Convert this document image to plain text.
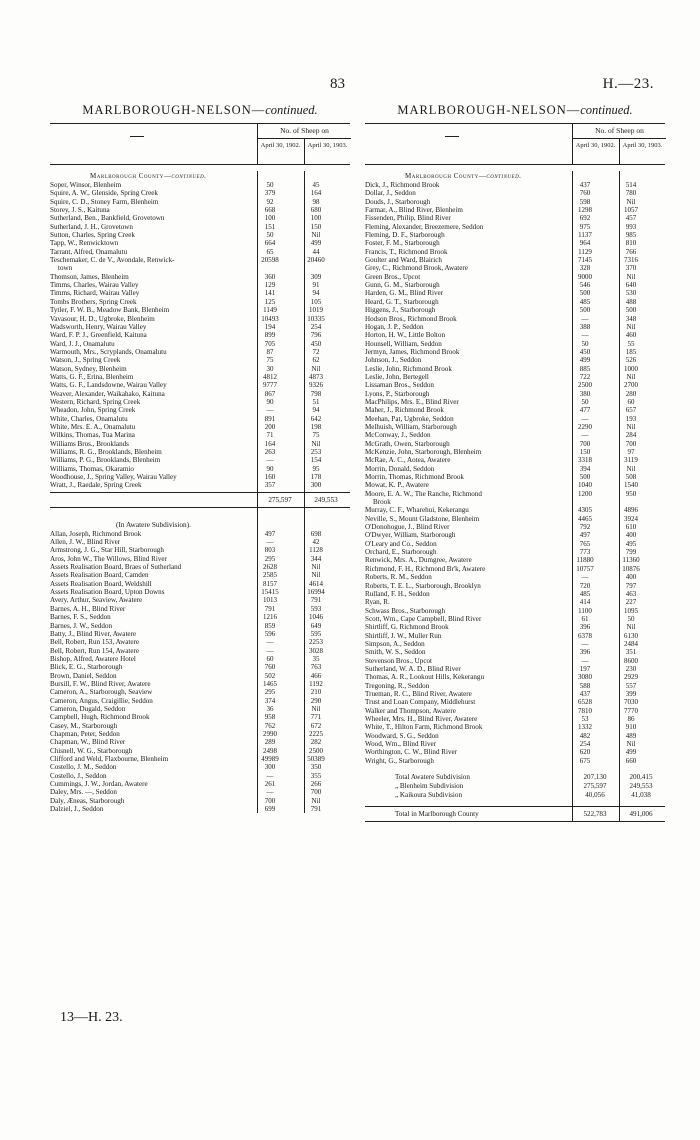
83	H.—23.
MARLBOROUGH-NELSON—continued.
No. of Sheep on
April 30, 1902.	April 30, 1903.
Marlborough County—continued.
Soper, Winsor, Blenheim	50	45
Squire, A. W., Glenside, Spring Creek	379	164
Squire, C. D., Stoney Farm, Blenheim	92	98
Storey, J. S., Kaituna	668	680
Sutherland, Ben., Bankfield, Grovetown	100	100
Sutherland, J. H., Grovetown	151	150
Sutton, Charles, Spring Creek	50	Nil
Tapp, W., Renwicktown	664	499
Tarrant, Alfred, Onamalutu	65	44
Teschemaker, C. de V., Avondale, Renwick-	20598	20460
town
Thomson, James, Blenheim	360	309
Timms, Charles, Wairau Valley	129	91
Timms, Richard, Wairau Valley	141	94
Tombs Brothers, Spring Creek	125	105
Tytler, F. W. B., Meadow Bank, Blenheim	1149	1019
Vavasour, H. D., Ugbroke, Blenheim	10493	10335
Wadsworth, Henry, Wairau Valley	194	254
Ward, F. P. J., Greenfield, Kaituna	899	796
Ward, J. J., Onamalutu	705	450
Warmouth, Mrs., Scryplands, Onamalutu	87	72
Watson, J., Spring Creek	75	62
Watson, Sydney, Blenheim	30	Nil
Watts, G. F., Erina, Blenheim	4812	4873
Watts, G. F., Landsdowne, Wairau Valley	9777	9326
Weaver, Alexander, Waikahako, Kaituna	867	798
Western, Richard, Spring Creek	90	51
Wheadon, John, Spring Creek	—	94
White, Charles, Onamalutu	891	642
White, Mrs. E. A., Onamalutu	200	198
Wilkins, Thomas, Tua Marina	71	75
Williams Bros., Brooklands	164	Nil
Williams, R. G., Brooklands, Blenheim	263	253
Williams, P. G., Brooklands, Blenheim	—	154
Williams, Thomas, Okaramio	90	95
Woodhouse, J., Spring Valley, Wairau Valley	160	178
Wratt, J., Raedale, Spring Creek	357	300
275,597	249,553
(In Awatere Subdivision).
Allan, Joseph, Richmond Brook	497	698
Allen, J. W., Blind River	—	42
Armstrong, J. G., Star Hill, Starborough	803	1128
Aros, John W., The Willows, Blind River	295	344
Assets Realisation Board, Braes of Sutherland	2628	Nil
Assets Realisation Board, Camden	2585	Nil
Assets Realisation Board, Weldshill	8157	4614
Assets Realisation Board, Upton Downs	15415	16994
Avery, Arthur, Seaview, Awatere	1013	791
Barnes, A. H., Blind River	791	593
Barnes, F. S., Seddon	1216	1046
Barnes, J. W., Seddon	859	649
Batty, J., Blind River, Awatere	596	595
Bell, Robert, Run 153, Awatere	—	2253
Bell, Robert, Run 154, Awatere	—	3028
Bishop, Alfred, Awatere Hotel	60	35
Blick, E. G., Starborough	760	763
Brown, Daniel, Seddon	502	466
Bursill, F. W., Blind River, Awatere	1465	1192
Cameron, A., Starborough, Seaview	295	210
Cameron, Angus, Craigillie, Seddon	374	290
Cameron, Dugald, Seddon	36	Nil
Campbell, Hugh, Richmond Brook	958	771
Casey, M., Starborough	762	672
Chapman, Peter, Seddon	2990	2225
Chapman, W., Blind River	289	282
Chisnell, W. G., Starborough	2498	2500
Clifford and Weld, Flaxbourne, Blenheim	49989	50389
Costello, J. M., Seddon	300	350
Costello, J., Seddon	—	355
Cummings, J. W., Jordan, Awatere	261	266
Daley, Mrs. —, Seddon	—	700
Daly, Æneas, Starborough	700	Nil
Dalziel, J., Seddon	699	791
MARLBOROUGH-NELSON—continued.
No. of Sheep on
April 30, 1902.	April 30, 1903.
Marlborough County—continued.
Dick, J., Richmond Brook	437	514
Dollar, J., Seddon	760	780
Douds, J., Starborough	598	Nil
Farmar, A., Blind River, Blenheim	1298	1057
Fissenden, Philip, Blind River	692	457
Fleming, Alexander, Breezemere, Seddon	975	993
Fleming, D. F., Starborough	1137	985
Foster, F. M., Starborough	964	810
Francis, T., Richmond Brook	1129	766
Goulter and Ward, Blairich	7145	7316
Grey, C., Richmond Brook, Awatere	328	370
Green Bros., Upcot	9000	Nil
Gunn, G. M., Starborough	546	640
Harden, G. M., Blind River	500	530
Heard, G. T., Starborough	485	488
Higgens, J., Starborough	500	500
Hodson Bros., Richmond Brook	—	348
Hogan, J. P., Seddon	388	Nil
Horton, H. W., Little Bolton	—	460
Hounsell, William, Seddon	50	55
Jermyn, James, Richmond Brook	450	185
Johnson, J., Seddon	499	526
Leslie, John, Richmond Brook	885	1000
Leslie, John, Bertegell	722	Nil
Lissaman Bros., Seddon	2500	2700
Lyons, P., Starborough	380	280
MacPhilips, Mrs. E., Blind River	50	60
Maher, J., Richmond Brook	477	657
Meehan, Pat, Ugbroke, Seddon	—	193
Melhuish, William, Starborough	2290	Nil
McConway, J., Seddon	—	284
McGrath, Owen, Starborough	700	700
McKenzie, John, Starborough, Blenheim	150	97
McRae, A. C., Aotea, Awatere	3318	3119
Morrin, Donald, Seddon	394	Nil
Morrin, Thomas, Richmond Brook	500	508
Mowat, K. P., Awatere	1040	1540
Moore, E. A. W., The Ranche, Richmond	1200	950
Brook
Murray, C. F., Wharehui, Kekerangu	4305	4896
Neville, S., Mount Gladstone, Blenheim	4465	3924
O'Donohogue, J., Blind River	792	610
O'Dwyer, William, Starborough	497	400
O'Leary and Co., Seddon	765	495
Orchard, E., Starborough	773	799
Renwick, Mrs. A., Dumgree, Awatere	11880	11360
Richmond, F. H., Richmond Br'k, Awatere	10757	10876
Roberts, R. M., Seddon	—	400
Roberts, T. E. L., Starborough, Brooklyn	720	797
Rulland, F. H., Seddon	485	463
Ryan, R.	414	227
Schwass Bros., Starborough	1100	1095
Scott, Wm., Cape Campbell, Blind River	61	50
Shirtliff, G. Richmond Brook	396	Nil
Shirtliff, J. W., Muller Run	6378	6130
Simpson, A., Seddon	—	2484
Smith, W. S., Seddon	396	351
Stevenson Bros., Upcot	—	8600
Sutherland, W. A. D., Blind River	197	230
Thomas, A. R., Lookout Hills, Kekerangu	3080	2929
Tregoning, R., Seddon	588	557
Trueman, R. C., Blind River, Awatere	437	399
Trust and Loan Company, Middlehurst	6528	7030
Walker and Thompson, Awatere	7810	7770
Wheeler, Mrs. H., Blind River, Awatere	53	86
White, T., Hilton Farm, Richmond Brook	1332	910
Woodward, S. G., Seddon	482	489
Wood, Wm., Blind River	254	Nil
Worthington, C. W., Blind River	620	499
Wright, G., Starborough	675	660
Total Awatere Subdivision	207,130	200,415
„ Blenheim Subdivision	275,597	249,553
„ Kaikoura Subdivision	40,056	41,038
Total in Marlborough County	522,783	491,006
13—H. 23.
